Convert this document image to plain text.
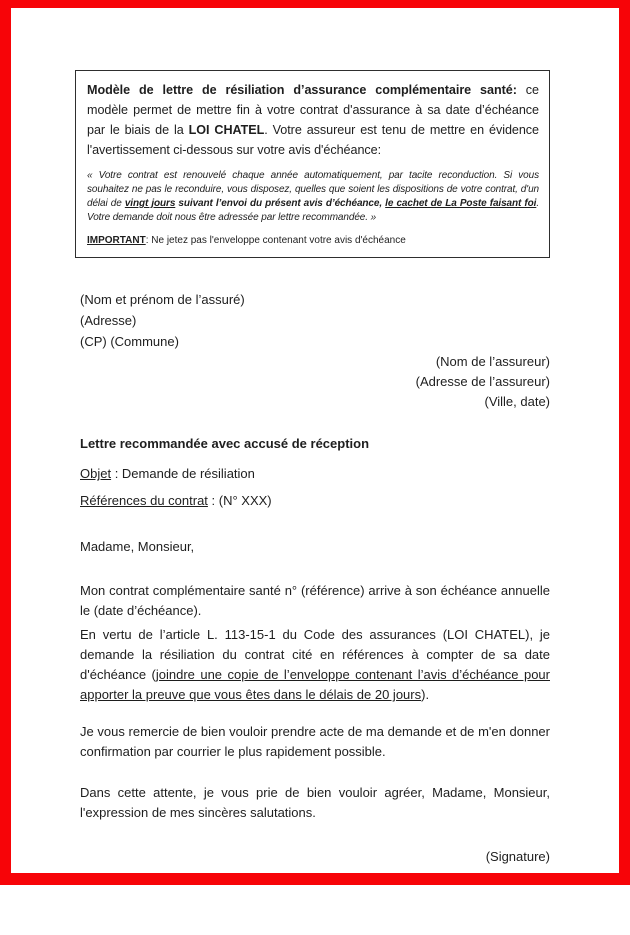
Modèle de lettre de résiliation d’assurance complémentaire santé: ce modèle permet de mettre fin à votre contrat d'assurance à sa date d’échéance par le biais de la LOI CHATEL. Votre assureur est tenu de mettre en évidence l'avertissement ci-dessous sur votre avis d'échéance:
« Votre contrat est renouvelé chaque année automatiquement, par tacite reconduction. Si vous souhaitez ne pas le reconduire, vous disposez, quelles que soient les dispositions de votre contrat, d'un délai de vingt jours suivant l’envoi du présent avis d’échéance, le cachet de La Poste faisant foi. Votre demande doit nous être adressée par lettre recommandée. »
IMPORTANT: Ne jetez pas l'enveloppe contenant votre avis d'échéance
(Nom et prénom de l’assuré)
(Adresse)
(CP) (Commune)
(Nom de l’assureur)
(Adresse de l’assureur)
(Ville, date)
Lettre recommandée avec accusé de réception
Objet : Demande de résiliation
Références du contrat : (N° XXX)
Madame, Monsieur,
Mon contrat complémentaire santé n° (référence) arrive à son échéance annuelle le (date d’échéance).
En vertu de l’article L. 113-15-1 du Code des assurances (LOI CHATEL), je demande la résiliation du contrat cité en références à compter de sa date d'échéance (joindre une copie de l’enveloppe contenant l’avis d’échéance pour apporter la preuve que vous êtes dans le délais de 20 jours).
Je vous remercie de bien vouloir prendre acte de ma demande et de m'en donner confirmation par courrier le plus rapidement possible.
Dans cette attente, je vous prie de bien vouloir agréer, Madame, Monsieur, l'expression de mes sincères salutations.
(Signature)
